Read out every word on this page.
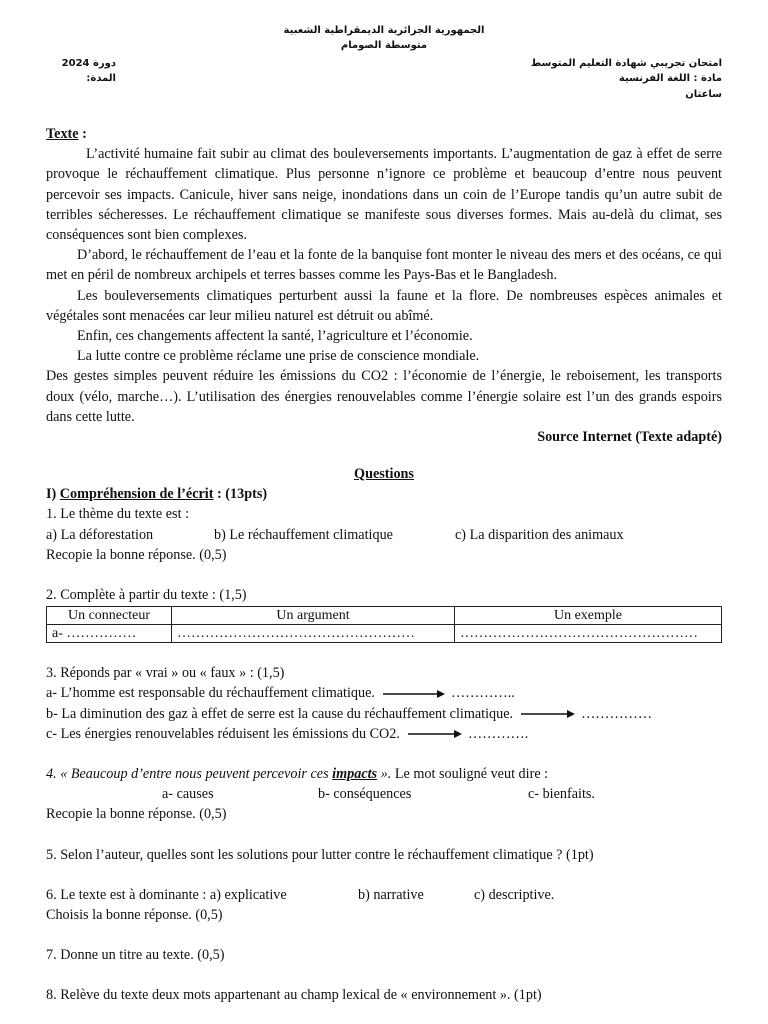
الجمهورية الجزائرية الديمقراطية الشعبية
متوسطة الصومام
امتحان تجريبي شهادة التعليم المتوسط
مادة : اللغة الفرنسية
ساعتان
دورة 2024
المدة:

Texte :

L’activité humaine fait subir au climat des bouleversements importants. L’augmentation de gaz à effet de serre provoque le réchauffement climatique. Plus personne n’ignore ce problème et beaucoup d’entre nous peuvent percevoir ses impacts. Canicule, hiver sans neige, inondations dans un coin de l’Europe tandis qu’un autre subit de terribles sécheresses. Le réchauffement climatique se manifeste sous diverses formes. Mais au-delà du climat, ses conséquences sont bien complexes.

D’abord, le réchauffement de l’eau et la fonte de la banquise font monter le niveau des mers et des océans, ce qui met en péril de nombreux archipels et terres basses comme les Pays-Bas et le Bangladesh.

Les bouleversements climatiques perturbent aussi la faune et la flore. De nombreuses espèces animales et végétales sont menacées car leur milieu naturel est détruit ou abîmé.

Enfin, ces changements affectent la santé, l’agriculture et l’économie.

La lutte contre ce problème réclame une prise de conscience mondiale.

Des gestes simples peuvent réduire les émissions du CO2 : l’économie de l’énergie, le reboisement, les transports doux (vélo, marche…). L’utilisation des énergies renouvelables comme l’énergie solaire est l’un des grands espoirs dans cette lutte.

Source Internet (Texte adapté)

Questions

I) Compréhension de l’écrit : (13pts)

1. Le thème du texte est :

a) La déforestation	b) Le réchauffement climatique	c) La disparition des animaux

Recopie la bonne réponse. (0,5)

2. Complète à partir du texte : (1,5)

Un connecteur	Un argument	Un exemple
a- ……………	……………………………………………	……………………………………………

3. Réponds par « vrai » ou « faux » : (1,5)

a- L’homme est responsable du réchauffement climatique.	…………..
b- La diminution des gaz à effet de serre est la cause du réchauffement climatique.	……………
c- Les énergies renouvelables réduisent les émissions du CO2.	………….

4. « Beaucoup d’entre nous peuvent percevoir ces impacts ». Le mot souligné veut dire :

a- causes	b- conséquences	c- bienfaits.

Recopie la bonne réponse. (0,5)

5. Selon l’auteur, quelles sont les solutions pour lutter contre le réchauffement climatique ? (1pt)

6. Le texte est à dominante : a) explicative	b) narrative	c) descriptive.

Choisis la bonne réponse. (0,5)

7. Donne un titre au texte. (0,5)

8. Relève du texte deux mots appartenant au champ lexical de « environnement ». (1pt)
